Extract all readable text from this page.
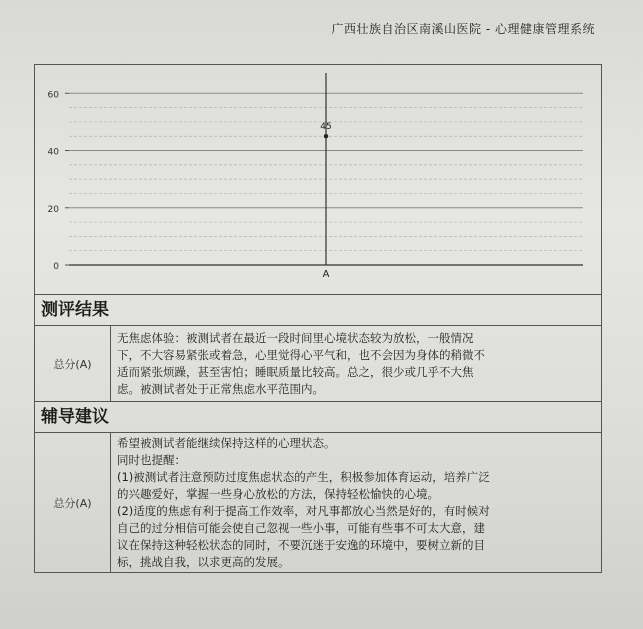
广西壮族自治区南溪山医院 - 心理健康管理系统
0
20
40
60
A
45
测评结果
总分(A)

无焦虑体验：被测试者在最近一段时间里心境状态较为放松，一般情况

下，不大容易紧张或着急，心里觉得心平气和，也不会因为身体的稍微不

适而紧张烦躁，甚至害怕；睡眠质量比较高。总之，很少或几乎不大焦

虑。被测试者处于正常焦虑水平范围内。

辅导建议
总分(A)

希望被测试者能继续保持这样的心理状态。

同时也提醒：

(1)被测试者注意预防过度焦虑状态的产生，积极参加体育运动，培养广泛

的兴趣爱好，掌握一些身心放松的方法，保持轻松愉快的心境。

(2)适度的焦虑有利于提高工作效率，对凡事都放心当然是好的，有时候对

自己的过分相信可能会使自己忽视一些小事，可能有些事不可太大意，建

议在保持这种轻松状态的同时，不要沉迷于安逸的环境中，要树立新的目

标，挑战自我，以求更高的发展。
